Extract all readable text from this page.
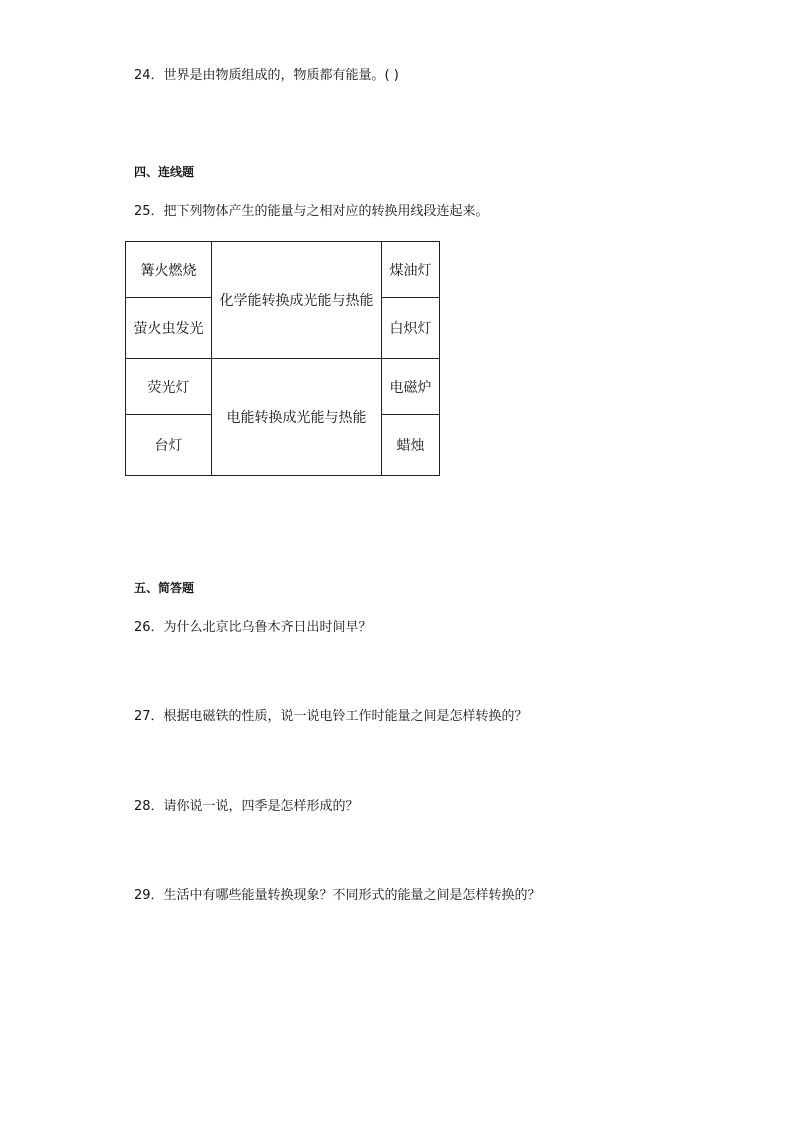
24．世界是由物质组成的，物质都有能量。( )
四、连线题
25．把下列物体产生的能量与之相对应的转换用线段连起来。
篝火燃烧	化学能转换成光能与热能	煤油灯
萤火虫发光		白炽灯
荧光灯	电能转换成光能与热能	电磁炉
台灯		蜡烛
五、简答题
26．为什么北京比乌鲁木齐日出时间早？
27．根据电磁铁的性质，说一说电铃工作时能量之间是怎样转换的？
28．请你说一说，四季是怎样形成的？
29．生活中有哪些能量转换现象？不同形式的能量之间是怎样转换的？
